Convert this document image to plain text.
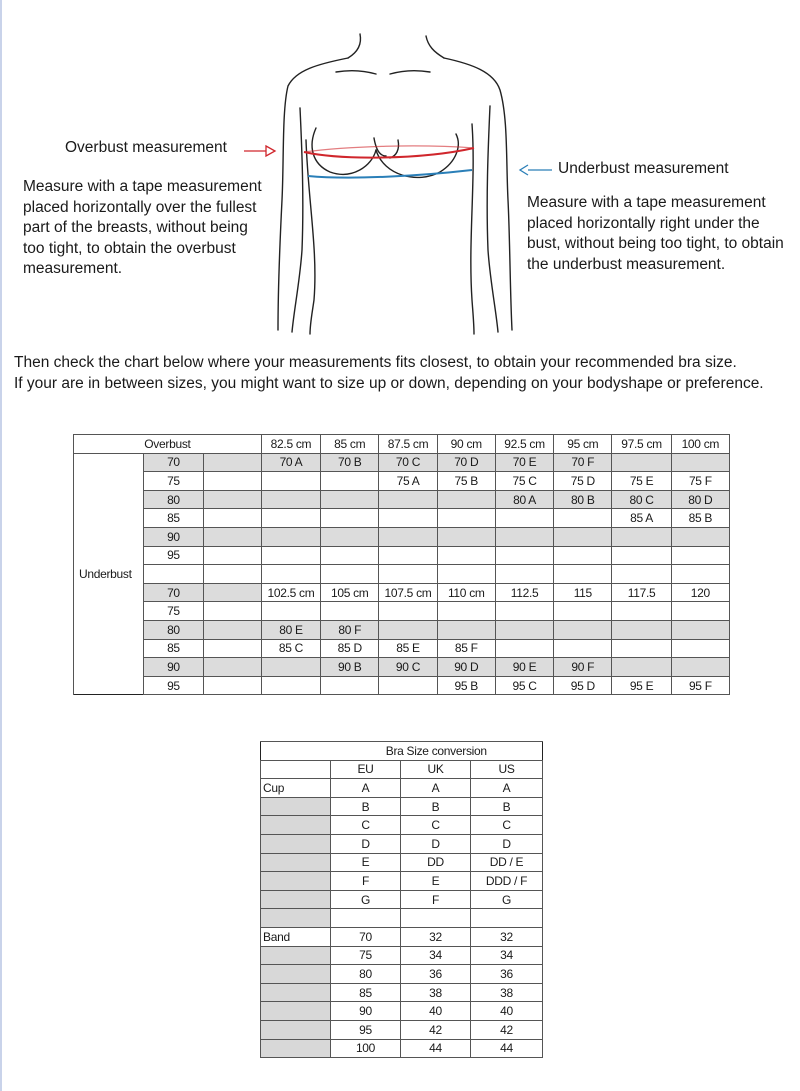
Overbust measurement
Measure with a tape measurement placed horizontally over the fullest part of the breasts, without being too tight, to obtain the overbust measurement.
Underbust measurement
Measure with a tape measurement placed horizontally right under the bust, without being too tight, to obtain the underbust measurement.
Then check the chart below where your measurements fits closest, to obtain your recommended bra size.
If your are in between sizes, you might want to size up or down, depending on your bodyshape or preference.
Overbust			82.5 cm	85 cm	87.5 cm	90 cm	92.5 cm	95 cm	97.5 cm	100 cm
	70		70 A	70 B	70 C	70 D	70 E	70 F		
	75				75 A	75 B	75 C	75 D	75 E	75 F
	80						80 A	80 B	80 C	80 D
	85								85 A	85 B
	90									
	95									
Underbust										
	70		102.5 cm	105 cm	107.5 cm	110 cm	112.5	115	117.5	120
	75									
	80		80 E	80 F						
	85		85 C	85 D	85 E	85 F				
	90			90 B	90 C	90 D	90 E	90 F		
	95					95 B	95 C	95 D	95 E	95 F
	Bra Size conversion		
	EU	UK	US
Cup	A	A	A
	B	B	B
	C	C	C
	D	D	D
	E	DD	DD / E
	F	E	DDD / F
	G	F	G

Band	70	32	32
	75	34	34
	80	36	36
	85	38	38
	90	40	40
	95	42	42
	100	44	44
